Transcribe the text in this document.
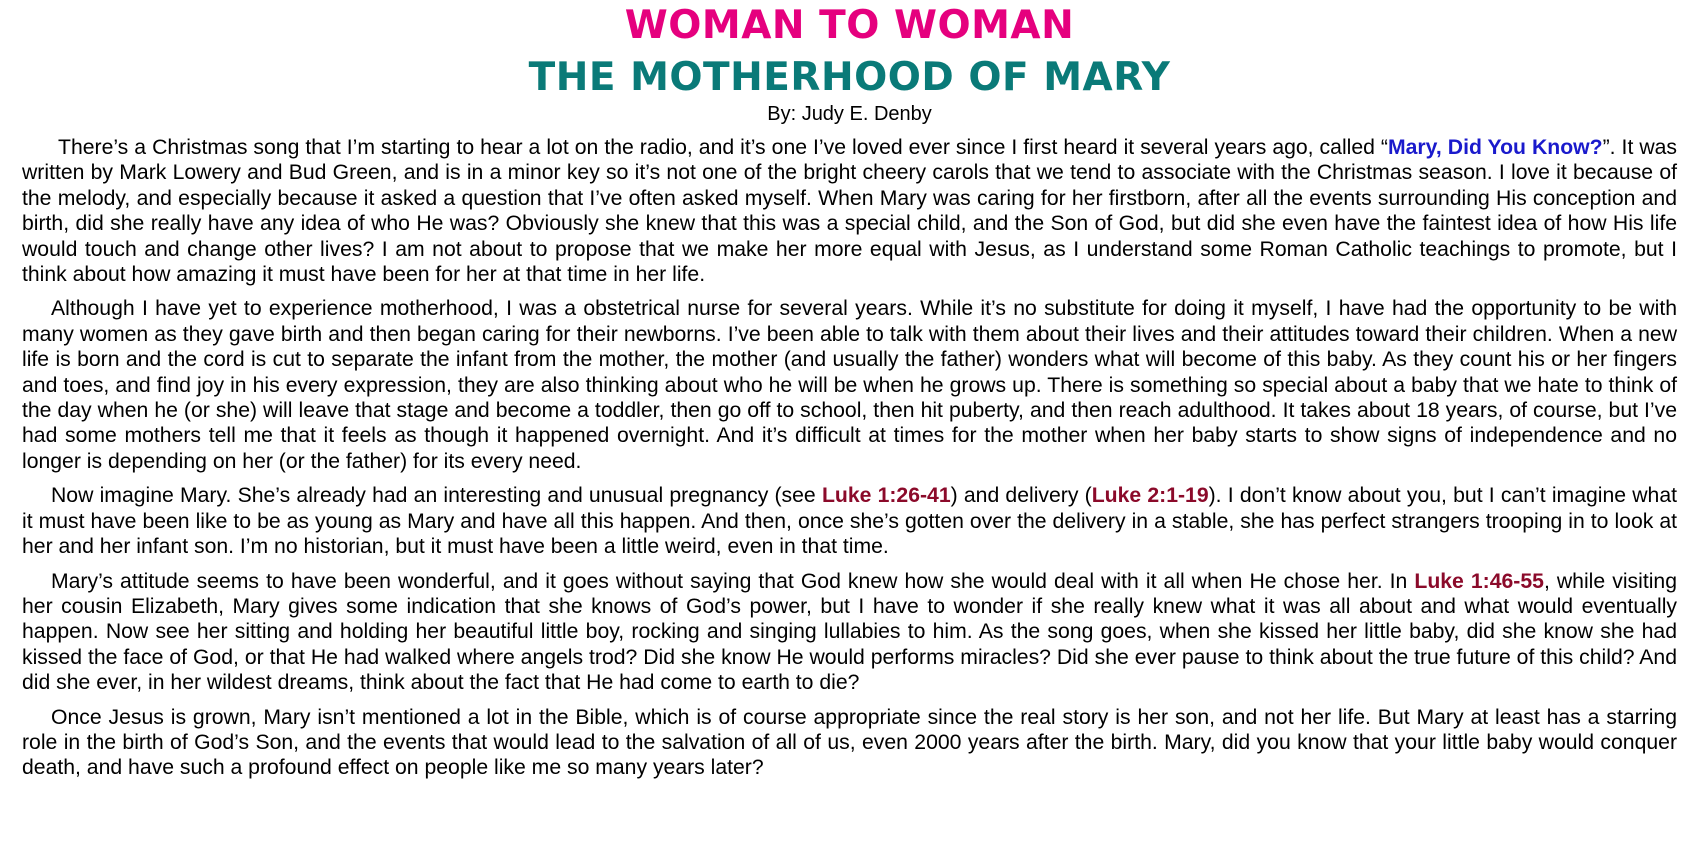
WOMAN TO WOMAN
THE MOTHERHOOD OF MARY
By: Judy E. Denby

There’s a Christmas song that I’m starting to hear a lot on the radio, and it’s one I’ve loved ever since I first heard it several years ago, called “Mary, Did You Know?”. It was written by Mark Lowery and Bud Green, and is in a minor key so it’s not one of the bright cheery carols that we tend to associate with the Christmas season. I love it because of the melody, and especially because it asked a question that I’ve often asked myself. When Mary was caring for her firstborn, after all the events surrounding His conception and birth, did she really have any idea of who He was? Obviously she knew that this was a special child, and the Son of God, but did she even have the faintest idea of how His life would touch and change other lives? I am not about to propose that we make her more equal with Jesus, as I understand some Roman Catholic teachings to promote, but I think about how amazing it must have been for her at that time in her life.

Although I have yet to experience motherhood, I was a obstetrical nurse for several years. While it’s no substitute for doing it myself, I have had the opportunity to be with many women as they gave birth and then began caring for their newborns. I’ve been able to talk with them about their lives and their attitudes toward their children. When a new life is born and the cord is cut to separate the infant from the mother, the mother (and usually the father) wonders what will become of this baby. As they count his or her fingers and toes, and find joy in his every expression, they are also thinking about who he will be when he grows up. There is something so special about a baby that we hate to think of the day when he (or she) will leave that stage and become a toddler, then go off to school, then hit puberty, and then reach adulthood. It takes about 18 years, of course, but I’ve had some mothers tell me that it feels as though it happened overnight. And it’s difficult at times for the mother when her baby starts to show signs of independence and no longer is depending on her (or the father) for its every need.

Now imagine Mary. She’s already had an interesting and unusual pregnancy (see Luke 1:26-41) and delivery (Luke 2:1-19). I don’t know about you, but I can’t imagine what it must have been like to be as young as Mary and have all this happen. And then, once she’s gotten over the delivery in a stable, she has perfect strangers trooping in to look at her and her infant son. I’m no historian, but it must have been a little weird, even in that time.

Mary’s attitude seems to have been wonderful, and it goes without saying that God knew how she would deal with it all when He chose her. In Luke 1:46-55, while visiting her cousin Elizabeth, Mary gives some indication that she knows of God’s power, but I have to wonder if she really knew what it was all about and what would eventually happen. Now see her sitting and holding her beautiful little boy, rocking and singing lullabies to him. As the song goes, when she kissed her little baby, did she know she had kissed the face of God, or that He had walked where angels trod? Did she know He would performs miracles? Did she ever pause to think about the true future of this child? And did she ever, in her wildest dreams, think about the fact that He had come to earth to die?

Once Jesus is grown, Mary isn’t mentioned a lot in the Bible, which is of course appropriate since the real story is her son, and not her life. But Mary at least has a starring role in the birth of God’s Son, and the events that would lead to the salvation of all of us, even 2000 years after the birth. Mary, did you know that your little baby would conquer death, and have such a profound effect on people like me so many years later?
